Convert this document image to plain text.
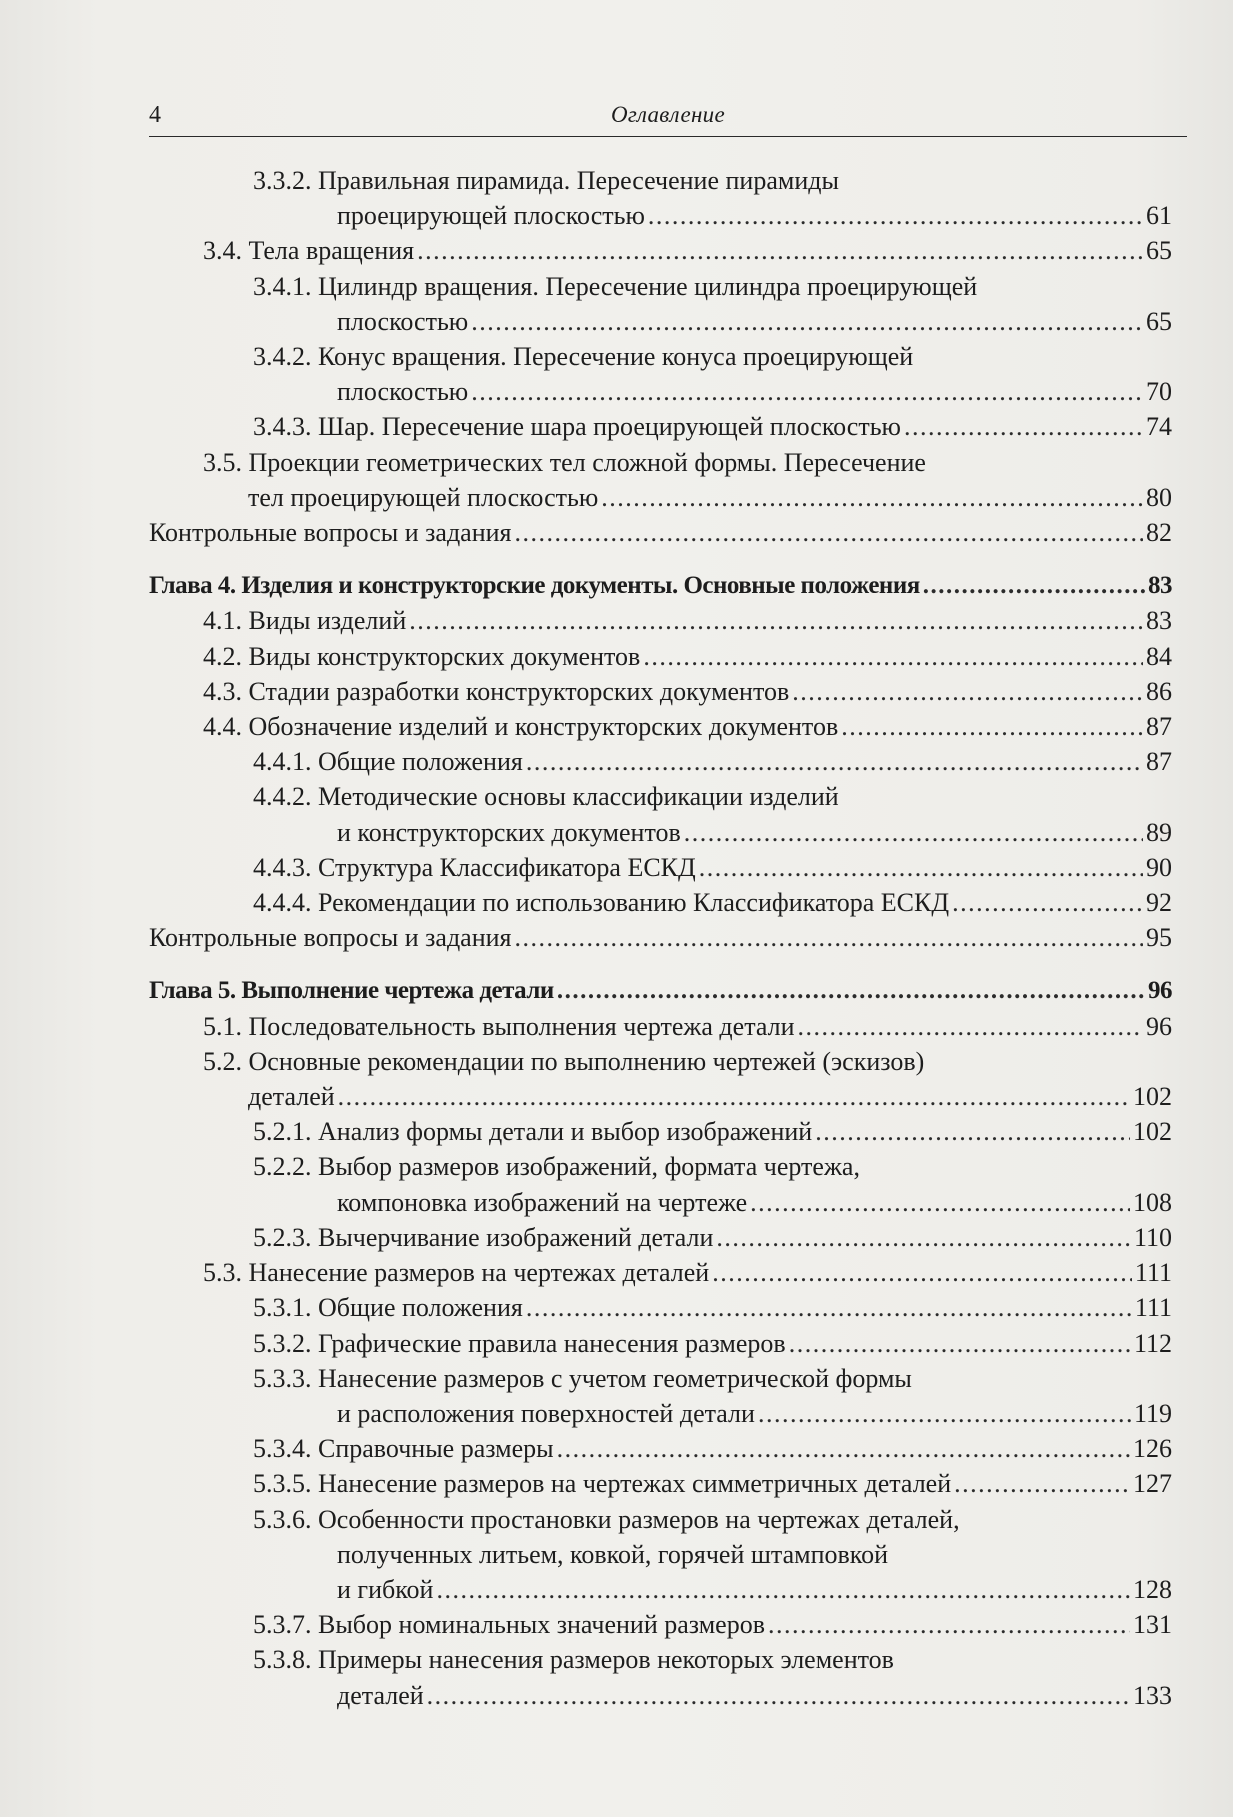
4	Оглавление
3.3.2. Правильная пирамида. Пересечение пирамиды
проецирующей плоскостью .....	61
3.4. Тела вращения .....	65
3.4.1. Цилиндр вращения. Пересечение цилиндра проецирующей
плоскостью .....	65
3.4.2. Конус вращения. Пересечение конуса проецирующей
плоскостью .....	70
3.4.3. Шар. Пересечение шара проецирующей плоскостью .....	74
3.5. Проекции геометрических тел сложной формы. Пересечение
тел проецирующей плоскостью .....	80
Контрольные вопросы и задания .....	82
Глава 4. Изделия и конструкторские документы. Основные положения .....	83
4.1. Виды изделий .....	83
4.2. Виды конструкторских документов .....	84
4.3. Стадии разработки конструкторских документов .....	86
4.4. Обозначение изделий и конструкторских документов .....	87
4.4.1. Общие положения .....	87
4.4.2. Методические основы классификации изделий
и конструкторских документов .....	89
4.4.3. Структура Классификатора ЕСКД .....	90
4.4.4. Рекомендации по использованию Классификатора ЕСКД .....	92
Контрольные вопросы и задания .....	95
Глава 5. Выполнение чертежа детали .....	96
5.1. Последовательность выполнения чертежа детали .....	96
5.2. Основные рекомендации по выполнению чертежей (эскизов)
деталей .....	102
5.2.1. Анализ формы детали и выбор изображений .....	102
5.2.2. Выбор размеров изображений, формата чертежа,
компоновка изображений на чертеже .....	108
5.2.3. Вычерчивание изображений детали .....	110
5.3. Нанесение размеров на чертежах деталей .....	111
5.3.1. Общие положения .....	111
5.3.2. Графические правила нанесения размеров .....	112
5.3.3. Нанесение размеров с учетом геометрической формы
и расположения поверхностей детали .....	119
5.3.4. Справочные размеры .....	126
5.3.5. Нанесение размеров на чертежах симметричных деталей .....	127
5.3.6. Особенности простановки размеров на чертежах деталей,
полученных литьем, ковкой, горячей штамповкой
и гибкой .....	128
5.3.7. Выбор номинальных значений размеров .....	131
5.3.8. Примеры нанесения размеров некоторых элементов
деталей .....	133
